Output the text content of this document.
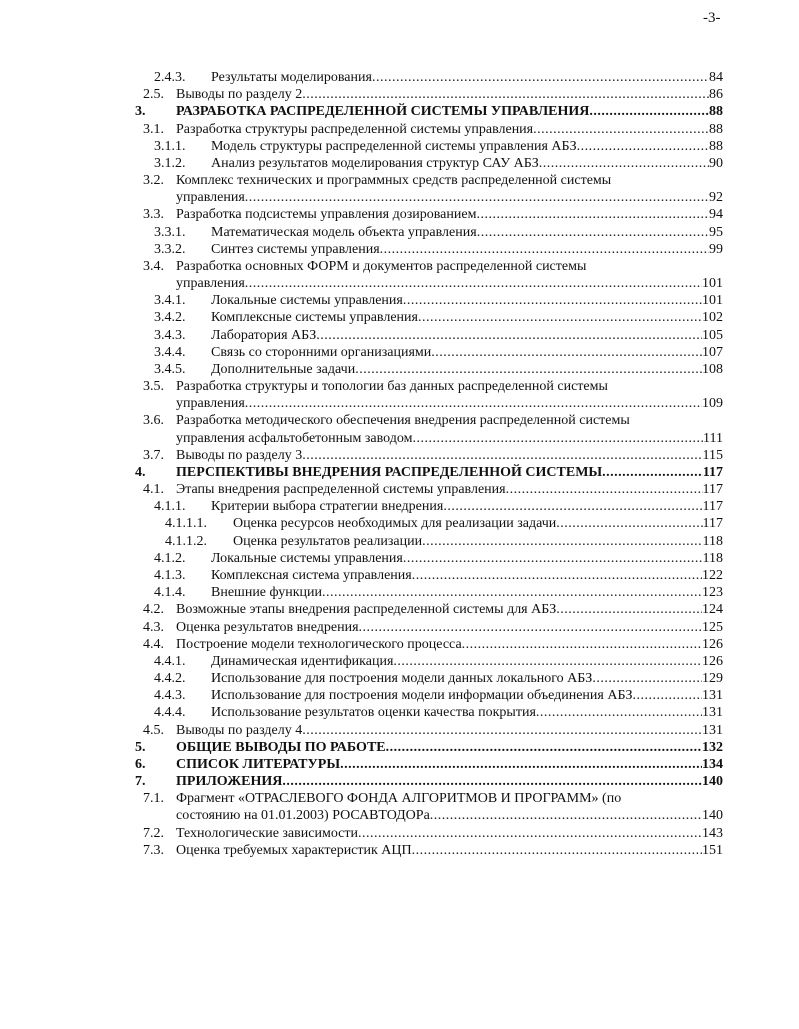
-3-
2.4.3. Результаты моделирования .....	84
2.5. Выводы по разделу 2 .....	86
3. РАЗРАБОТКА РАСПРЕДЕЛЕННОЙ СИСТЕМЫ УПРАВЛЕНИЯ .....	88
3.1. Разработка структуры распределенной системы управления .....	88
3.1.1. Модель структуры распределенной системы управления АБЗ .....	88
3.1.2. Анализ результатов моделирования структур САУ АБЗ .....	90
3.2. Комплекс технических и программных средств распределенной системы
управления .....	92
3.3. Разработка подсистемы управления дозированием .....	94
3.3.1. Математическая модель объекта управления .....	95
3.3.2. Синтез системы управления .....	99
3.4. Разработка основных ФОРМ и документов распределенной системы
управления .....	101
3.4.1. Локальные системы управления .....	101
3.4.2. Комплексные системы управления .....	102
3.4.3. Лаборатория АБЗ .....	105
3.4.4. Связь со сторонними организациями .....	107
3.4.5. Дополнительные задачи .....	108
3.5. Разработка структуры и топологии баз данных распределенной системы
управления .....	109
3.6. Разработка методического обеспечения внедрения распределенной системы
управления асфальтобетонным заводом .....	111
3.7. Выводы по разделу 3 .....	115
4. ПЕРСПЕКТИВЫ ВНЕДРЕНИЯ РАСПРЕДЕЛЕННОЙ СИСТЕМЫ .....	117
4.1. Этапы внедрения распределенной системы управления .....	117
4.1.1. Критерии выбора стратегии внедрения .....	117
4.1.1.1. Оценка ресурсов необходимых для реализации задачи .....	117
4.1.1.2. Оценка результатов реализации .....	118
4.1.2. Локальные системы управления .....	118
4.1.3. Комплексная система управления .....	122
4.1.4. Внешние функции .....	123
4.2. Возможные этапы внедрения распределенной системы для АБЗ .....	124
4.3. Оценка результатов внедрения .....	125
4.4. Построение модели технологического процесса .....	126
4.4.1. Динамическая идентификация .....	126
4.4.2. Использование для построения модели данных локального АБЗ .....	129
4.4.3. Использование для построения модели информации объединения АБЗ .....	131
4.4.4. Использование результатов оценки качества покрытия .....	131
4.5. Выводы по разделу 4 .....	131
5. ОБЩИЕ ВЫВОДЫ ПО РАБОТЕ .....	132
6. СПИСОК ЛИТЕРАТУРЫ .....	134
7. ПРИЛОЖЕНИЯ .....	140
7.1. Фрагмент «ОТРАСЛЕВОГО ФОНДА АЛГОРИТМОВ И ПРОГРАММ» (по
состоянию на 01.01.2003) РОСАВТОДОРа .....	140
7.2. Технологические зависимости .....	143
7.3. Оценка требуемых характеристик АЦП .....	151
